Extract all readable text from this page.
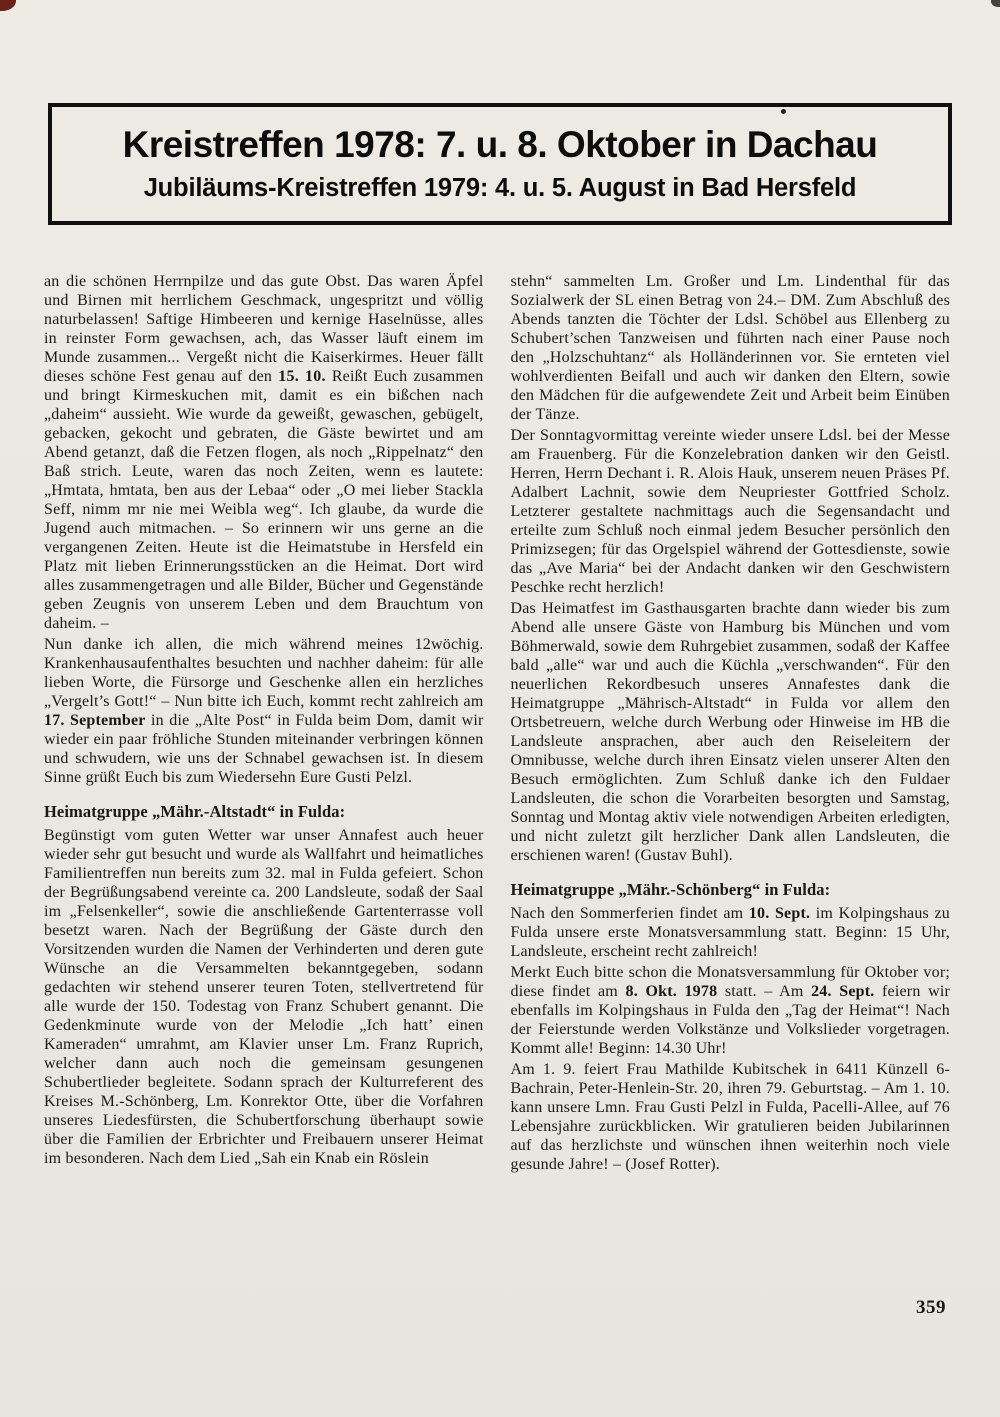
Kreistreffen 1978: 7. u. 8. Oktober in Dachau
Jubiläums-Kreistreffen 1979: 4. u. 5. August in Bad Hersfeld

an die schönen Herrnpilze und das gute Obst. Das waren Äpfel und Birnen mit herrlichem Geschmack, ungespritzt und völlig naturbelassen! Saftige Himbeeren und kernige Haselnüsse, alles in reinster Form gewachsen, ach, das Wasser läuft einem im Munde zusammen... Vergeßt nicht die Kaiserkirmes. Heuer fällt dieses schöne Fest genau auf den 15. 10. Reißt Euch zusammen und bringt Kirmeskuchen mit, damit es ein bißchen nach „daheim“ aussieht. Wie wurde da geweißt, gewaschen, gebügelt, gebacken, gekocht und gebraten, die Gäste bewirtet und am Abend getanzt, daß die Fetzen flogen, als noch „Rippelnatz“ den Baß strich. Leute, waren das noch Zeiten, wenn es lautete: „Hmtata, hmtata, ben aus der Lebaa“ oder „O mei lieber Stackla Seff, nimm mr nie mei Weibla weg“. Ich glaube, da wurde die Jugend auch mitmachen. – So erinnern wir uns gerne an die vergangenen Zeiten. Heute ist die Heimatstube in Hersfeld ein Platz mit lieben Erinnerungsstücken an die Heimat. Dort wird alles zusammengetragen und alle Bilder, Bücher und Gegenstände geben Zeugnis von unserem Leben und dem Brauchtum von daheim. –

Nun danke ich allen, die mich während meines 12wöchig. Krankenhausaufenthaltes besuchten und nachher daheim: für alle lieben Worte, die Fürsorge und Geschenke allen ein herzliches „Vergelt’s Gott!“ – Nun bitte ich Euch, kommt recht zahlreich am 17. September in die „Alte Post“ in Fulda beim Dom, damit wir wieder ein paar fröhliche Stunden miteinander verbringen können und schwudern, wie uns der Schnabel gewachsen ist. In diesem Sinne grüßt Euch bis zum Wiedersehn Eure Gusti Pelzl.

Heimatgruppe „Mähr.-Altstadt“ in Fulda:

Begünstigt vom guten Wetter war unser Annafest auch heuer wieder sehr gut besucht und wurde als Wallfahrt und heimatliches Familientreffen nun bereits zum 32. mal in Fulda gefeiert. Schon der Begrüßungsabend vereinte ca. 200 Landsleute, sodaß der Saal im „Felsenkeller“, sowie die anschließende Gartenterrasse voll besetzt waren. Nach der Begrüßung der Gäste durch den Vorsitzenden wurden die Namen der Verhinderten und deren gute Wünsche an die Versammelten bekanntgegeben, sodann gedachten wir stehend unserer teuren Toten, stellvertretend für alle wurde der 150. Todestag von Franz Schubert genannt. Die Gedenkminute wurde von der Melodie „Ich hatt’ einen Kameraden“ umrahmt, am Klavier unser Lm. Franz Ruprich, welcher dann auch noch die gemeinsam gesungenen Schubertlieder begleitete. Sodann sprach der Kulturreferent des Kreises M.-Schönberg, Lm. Konrektor Otte, über die Vorfahren unseres Liedesfürsten, die Schubertforschung überhaupt sowie über die Familien der Erbrichter und Freibauern unserer Heimat im besonderen. Nach dem Lied „Sah ein Knab ein Röslein

stehn“ sammelten Lm. Großer und Lm. Lindenthal für das Sozialwerk der SL einen Betrag von 24.– DM. Zum Abschluß des Abends tanzten die Töchter der Ldsl. Schöbel aus Ellenberg zu Schubert’schen Tanzweisen und führten nach einer Pause noch den „Holzschuhtanz“ als Holländerinnen vor. Sie ernteten viel wohlverdienten Beifall und auch wir danken den Eltern, sowie den Mädchen für die aufgewendete Zeit und Arbeit beim Einüben der Tänze.

Der Sonntagvormittag vereinte wieder unsere Ldsl. bei der Messe am Frauenberg. Für die Konzelebration danken wir den Geistl. Herren, Herrn Dechant i. R. Alois Hauk, unserem neuen Präses Pf. Adalbert Lachnit, sowie dem Neupriester Gottfried Scholz. Letzterer gestaltete nachmittags auch die Segensandacht und erteilte zum Schluß noch einmal jedem Besucher persönlich den Primizsegen; für das Orgelspiel während der Gottesdienste, sowie das „Ave Maria“ bei der Andacht danken wir den Geschwistern Peschke recht herzlich!

Das Heimatfest im Gasthausgarten brachte dann wieder bis zum Abend alle unsere Gäste von Hamburg bis München und vom Böhmerwald, sowie dem Ruhrgebiet zusammen, sodaß der Kaffee bald „alle“ war und auch die Küchla „verschwanden“. Für den neuerlichen Rekordbesuch unseres Annafestes dank die Heimatgruppe „Mährisch-Altstadt“ in Fulda vor allem den Ortsbetreuern, welche durch Werbung oder Hinweise im HB die Landsleute ansprachen, aber auch den Reiseleitern der Omnibusse, welche durch ihren Einsatz vielen unserer Alten den Besuch ermöglichten. Zum Schluß danke ich den Fuldaer Landsleuten, die schon die Vorarbeiten besorgten und Samstag, Sonntag und Montag aktiv viele notwendigen Arbeiten erledigten, und nicht zuletzt gilt herzlicher Dank allen Landsleuten, die erschienen waren! (Gustav Buhl).

Heimatgruppe „Mähr.-Schönberg“ in Fulda:

Nach den Sommerferien findet am 10. Sept. im Kolpingshaus zu Fulda unsere erste Monatsversammlung statt. Beginn: 15 Uhr, Landsleute, erscheint recht zahlreich!

Merkt Euch bitte schon die Monatsversammlung für Oktober vor; diese findet am 8. Okt. 1978 statt. – Am 24. Sept. feiern wir ebenfalls im Kolpingshaus in Fulda den „Tag der Heimat“! Nach der Feierstunde werden Volkstänze und Volkslieder vorgetragen. Kommt alle! Beginn: 14.30 Uhr!

Am 1. 9. feiert Frau Mathilde Kubitschek in 6411 Künzell 6-Bachrain, Peter-Henlein-Str. 20, ihren 79. Geburtstag. – Am 1. 10. kann unsere Lmn. Frau Gusti Pelzl in Fulda, Pacelli-Allee, auf 76 Lebensjahre zurückblicken. Wir gratulieren beiden Jubilarinnen auf das herzlichste und wünschen ihnen weiterhin noch viele gesunde Jahre! – (Josef Rotter).

359
